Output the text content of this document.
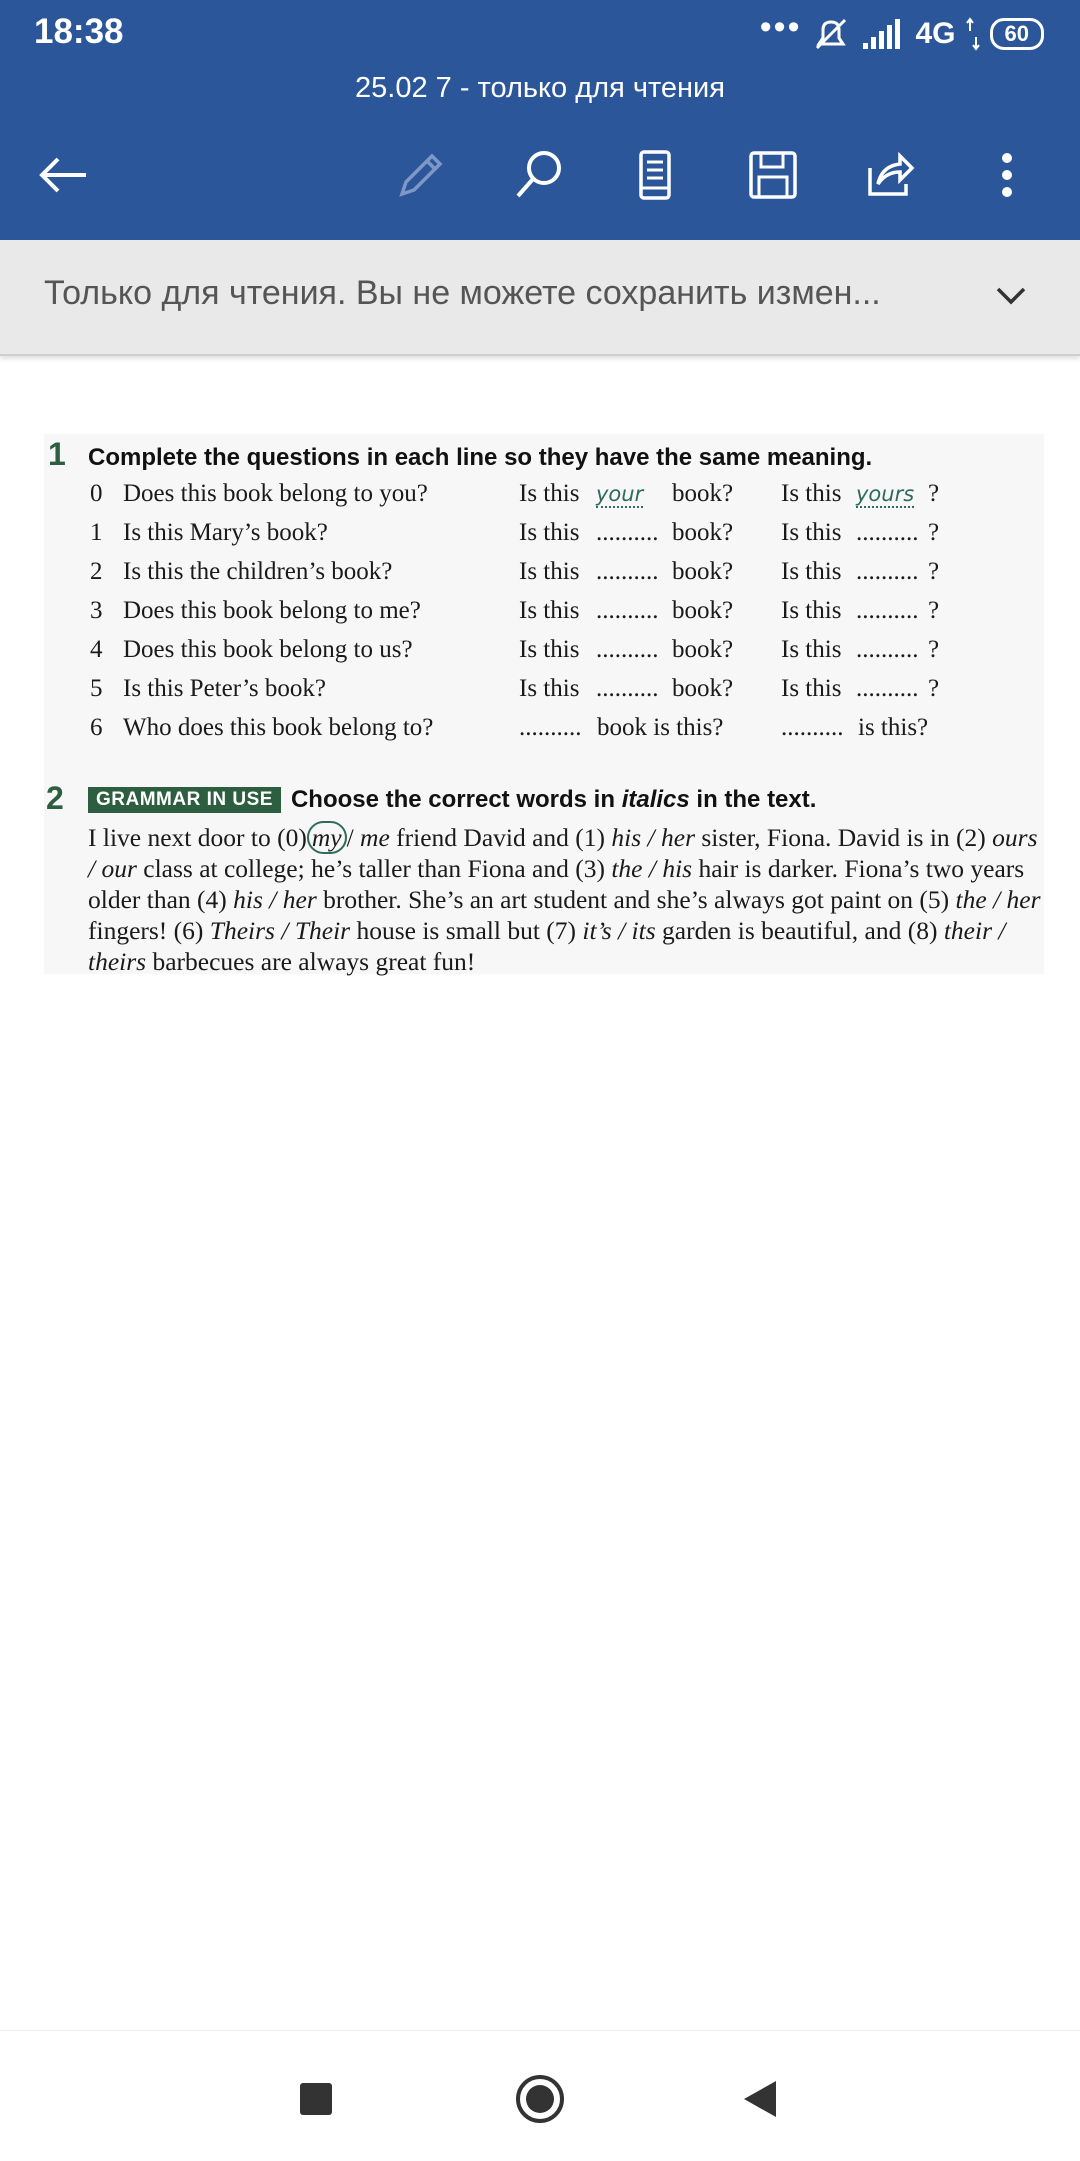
18:38	•••	4G	60
25.02 7 - только для чтения
Только для чтения. Вы не можете сохранить измен...
1 Complete the questions in each line so they have the same meaning.
0 Does this book belong to you?	Is this your book? Is this yours ?
1 Is this Mary’s book?	Is this .......... book? Is this .......... ?
2 Is this the children’s book?	Is this .......... book? Is this .......... ?
3 Does this book belong to me?	Is this .......... book? Is this .......... ?
4 Does this book belong to us?	Is this .......... book? Is this .......... ?
5 Is this Peter’s book?	Is this .......... book? Is this .......... ?
6 Who does this book belong to?	.......... book is this? .......... is this?
2	GRAMMAR IN USE Choose the correct words in italics in the text.
I live next door to (0) my / me friend David and (1) his / her sister, Fiona. David is in (2) ours / our class at college; he’s taller than Fiona and (3) the / his hair is darker. Fiona’s two years older than (4) his / her brother. She’s an art student and she’s always got paint on (5) the / her fingers! (6) Theirs / Their house is small but (7) it’s / its garden is beautiful, and (8) their / theirs barbecues are always great fun!
